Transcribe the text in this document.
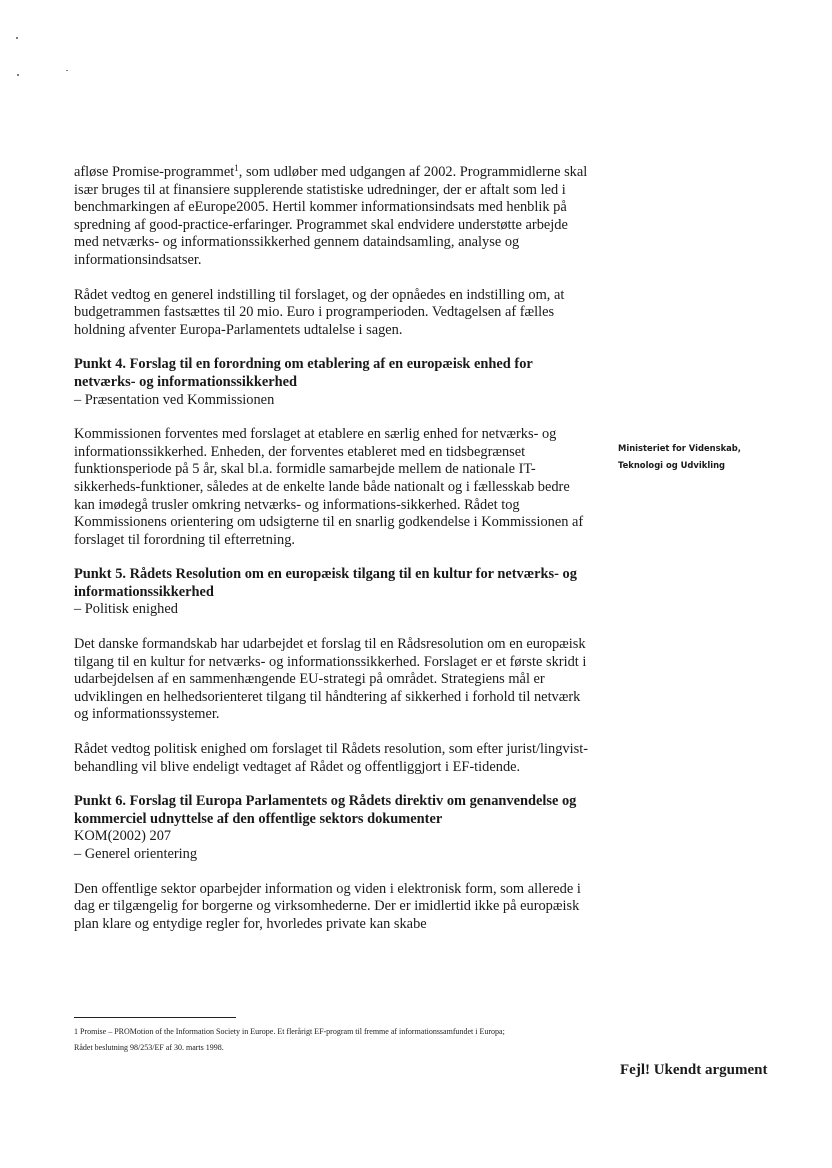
afløse Promise-programmet$^1$, som udløber med udgangen af 2002. Programmidlerne skal især bruges til at finansiere supplerende statistiske udredninger, der er aftalt som led i benchmarkingen af eEurope2005. Hertil kommer informationsindsats med henblik på spredning af good-practice-erfaringer. Programmet skal endvidere understøtte arbejde med netværks- og informationssikkerhed gennem dataindsamling, analyse og informationsindsatser.

Rådet vedtog en generel indstilling til forslaget, og der opnåedes en indstilling om, at budgetrammen fastsættes til 20 mio. Euro i programperioden. Vedtagelsen af fælles holdning afventer Europa-Parlamentets udtalelse i sagen.

Punkt 4. Forslag til en forordning om etablering af en europæisk enhed for netværks- og informationssikkerhed

– Præsentation ved Kommissionen

Kommissionen forventes med forslaget at etablere en særlig enhed for netværks- og informationssikkerhed. Enheden, der forventes etableret med en tidsbegrænset funktionsperiode på 5 år, skal bl.a. formidle samarbejde mellem de nationale IT-sikkerheds-funktioner, således at de enkelte lande både nationalt og i fællesskab bedre kan imødegå trusler omkring netværks- og informations-sikkerhed. Rådet tog Kommissionens orientering om udsigterne til en snarlig godkendelse i Kommissionen af forslaget til forordning til efterretning.

Punkt 5. Rådets Resolution om en europæisk tilgang til en kultur for netværks- og informationssikkerhed

– Politisk enighed

Det danske formandskab har udarbejdet et forslag til en Rådsresolution om en europæisk tilgang til en kultur for netværks- og informationssikkerhed. Forslaget er et første skridt i udarbejdelsen af en sammenhængende EU-strategi på området. Strategiens mål er udviklingen en helhedsorienteret tilgang til håndtering af sikkerhed i forhold til netværk og informationssystemer.

Rådet vedtog politisk enighed om forslaget til Rådets resolution, som efter jurist/lingvist-behandling vil blive endeligt vedtaget af Rådet og offentliggjort i EF-tidende.

Punkt 6. Forslag til Europa Parlamentets og Rådets direktiv om genanvendelse og kommerciel udnyttelse af den offentlige sektors dokumenter

KOM(2002) 207

– Generel orientering

Den offentlige sektor oparbejder information og viden i elektronisk form, som allerede i dag er tilgængelig for borgerne og virksomhederne. Der er imidlertid ikke på europæisk plan klare og entydige regler for, hvorledes private kan skabe

Ministeriet for Videnskab,
Teknologi og Udvikling
1 Promise – PROMotion of the Information Society in Europe. Et flerårigt EF-program til fremme af informationssamfundet i Europa;
Rådet beslutning 98/253/EF af 30. marts 1998.
Fejl! Ukendt argument
